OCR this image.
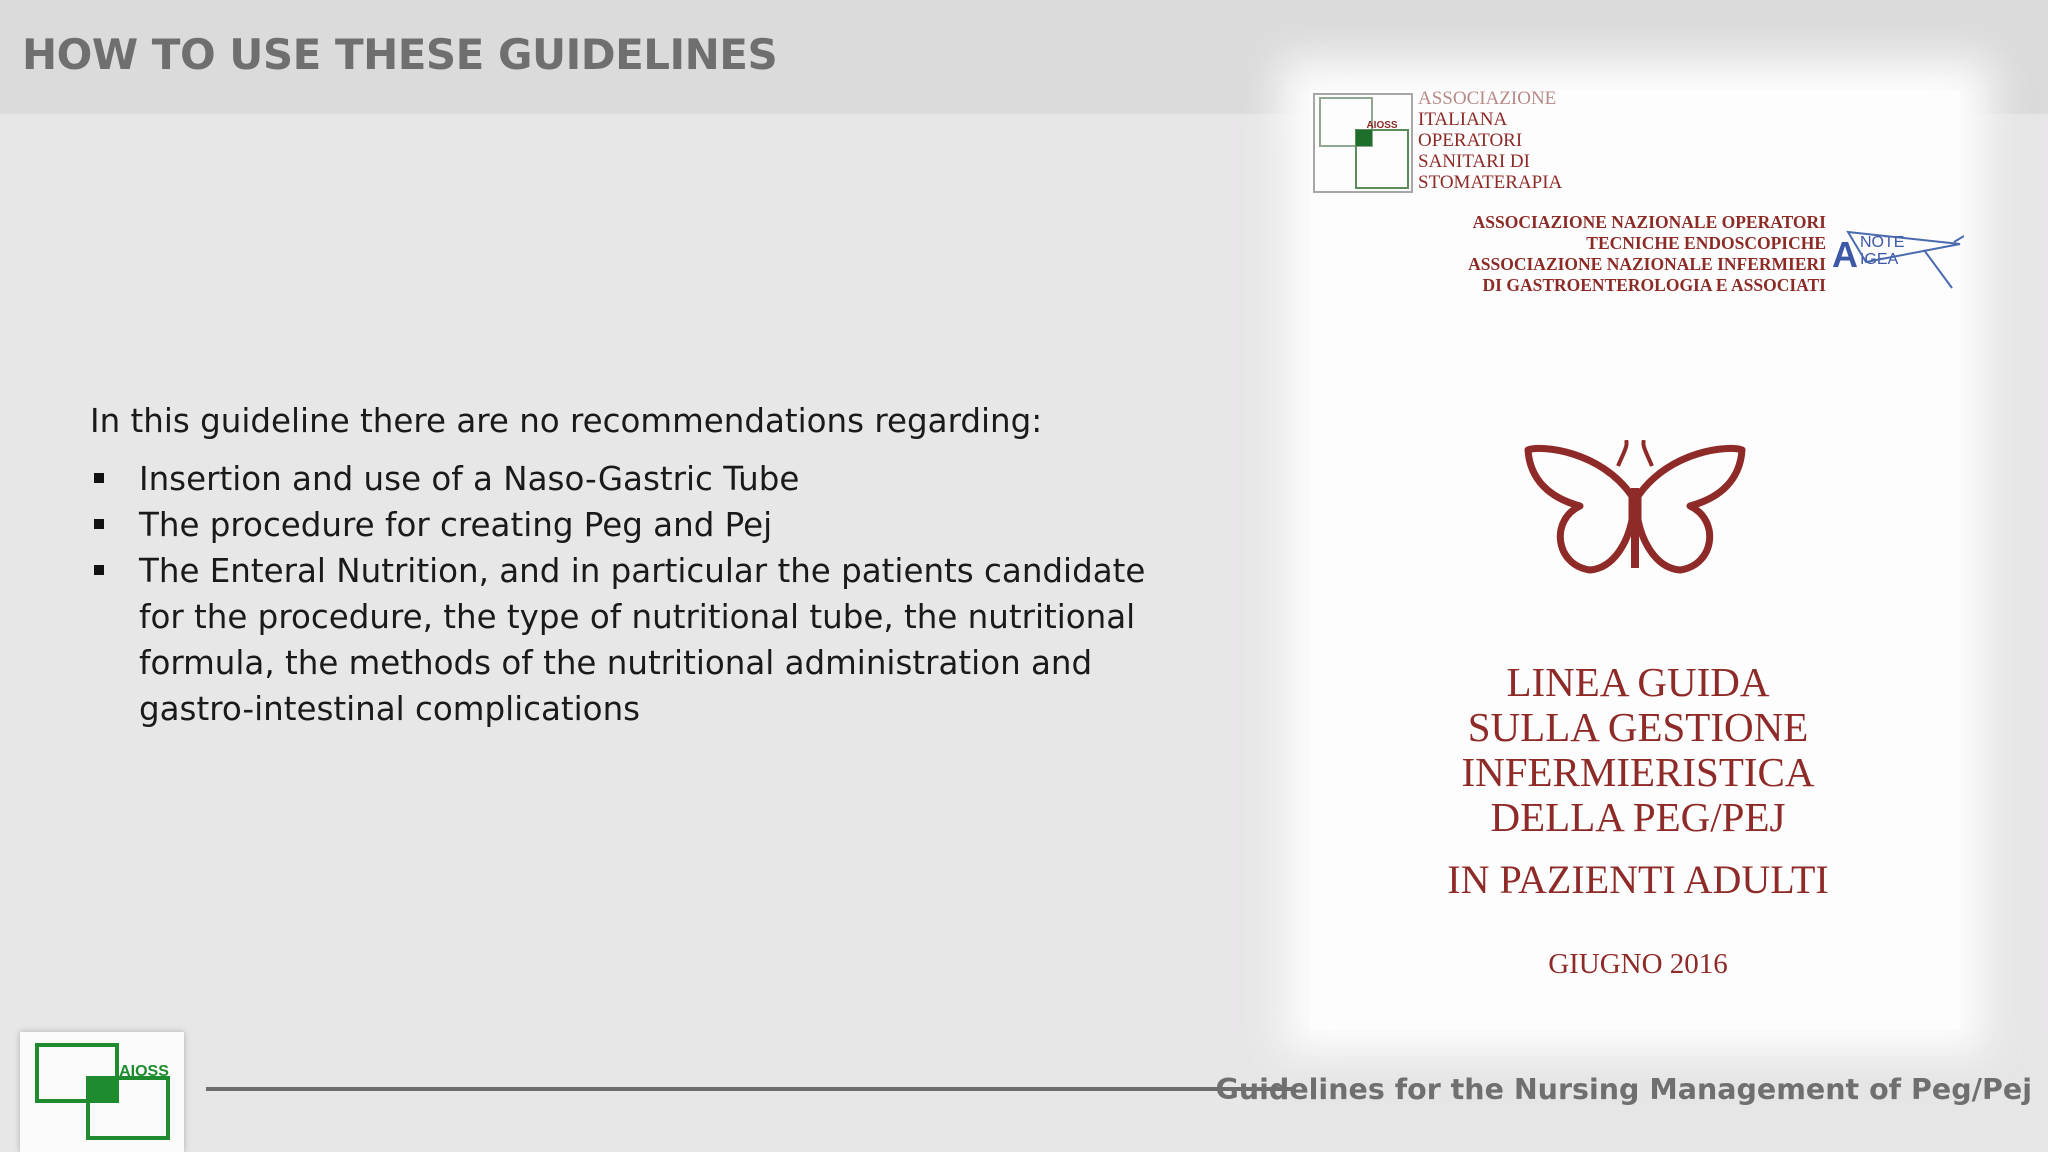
HOW TO USE THESE GUIDELINES

In this guideline there are no recommendations regarding:

Insertion and use of a Naso-Gastric Tube
The procedure for creating Peg and Pej
The Enteral Nutrition, and in particular the patients candidate for the procedure, the type of nutritional tube, the nutritional formula, the methods of the nutritional administration and gastro-intestinal complications
AIOSS
ASSOCIAZIONE
ITALIANA
OPERATORI
SANITARI DI
STOMATERAPIA
ASSOCIAZIONE NAZIONALE OPERATORI
TECNICHE ENDOSCOPICHE
ASSOCIAZIONE NAZIONALE INFERMIERI
DI GASTROENTEROLOGIA E ASSOCIATI
A NOTE
IGEA
LINEA GUIDA
SULLA GESTIONE
INFERMIERISTICA
DELLA PEG/PEJ
IN PAZIENTI ADULTI
GIUGNO 2016
AIOSS
Guidelines for the Nursing Management of Peg/Pej
